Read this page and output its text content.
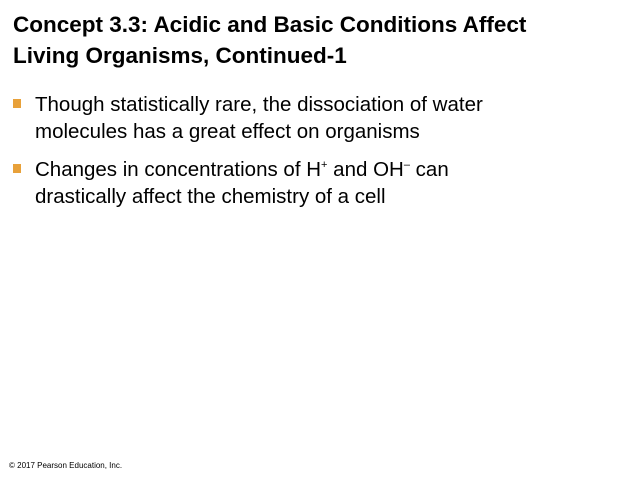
Concept 3.3: Acidic and Basic Conditions Affect
Living Organisms, Continued-1
Though statistically rare, the dissociation of water
molecules has a great effect on organisms
Changes in concentrations of H+ and OH– can
drastically affect the chemistry of a cell
© 2017 Pearson Education, Inc.
